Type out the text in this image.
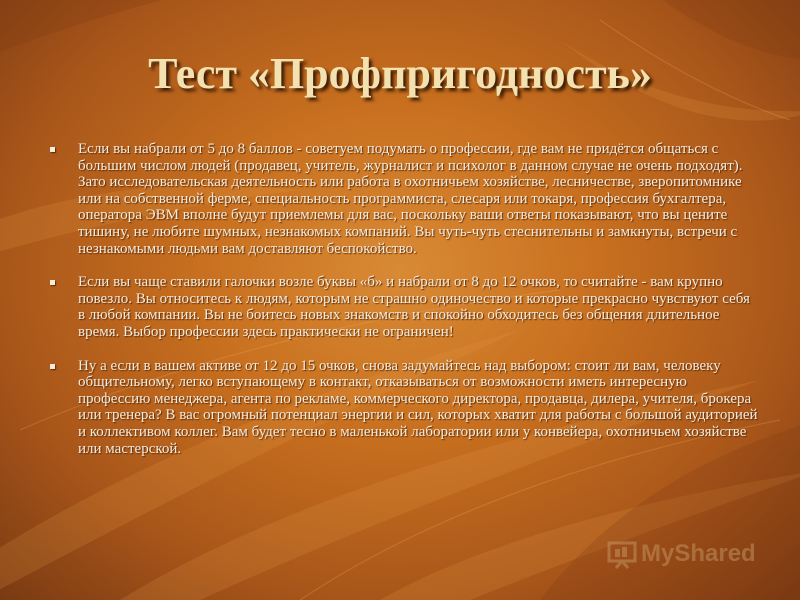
Тест «Профпригодность»
Если вы набрали от 5 до 8 баллов - советуем подумать о профессии, где вам не придётся общаться с большим числом людей (продавец, учитель, журналист и психолог в данном случае не очень подходят). Зато исследовательская деятельность или работа в охотничьем хозяйстве, лесничестве, зверопитомнике или на собственной ферме, специальность программиста, слесаря или токаря, профессия бухгалтера, оператора ЭВМ вполне будут приемлемы для вас, поскольку ваши ответы показывают, что вы цените тишину, не любите шумных, незнакомых компаний. Вы чуть-чуть стеснительны и замкнуты, встречи с незнакомыми людьми вам доставляют беспокойство.
Если вы чаще ставили галочки возле буквы «б» и набрали от 8 до 12 очков, то считайте - вам крупно повезло. Вы относитесь к людям, которым не страшно одиночество и которые прекрасно чувствуют себя в любой компании. Вы не боитесь новых знакомств и спокойно обходитесь без общения длительное время. Выбор профессии здесь практически не ограничен!
Ну а если в вашем активе от 12 до 15 очков, снова задумайтесь над выбором: стоит ли вам, человеку общительному, легко вступающему в контакт, отказываться от возможности иметь интересную профессию менеджера, агента по рекламе, коммерческого директора, продавца, дилера, учителя, брокера или тренера? В вас огромный потенциал энергии и сил, которых хватит для работы с большой аудиторией и коллективом коллег. Вам будет тесно в маленькой лаборатории или у конвейера, охотничьем хозяйстве или мастерской.
MyShared
